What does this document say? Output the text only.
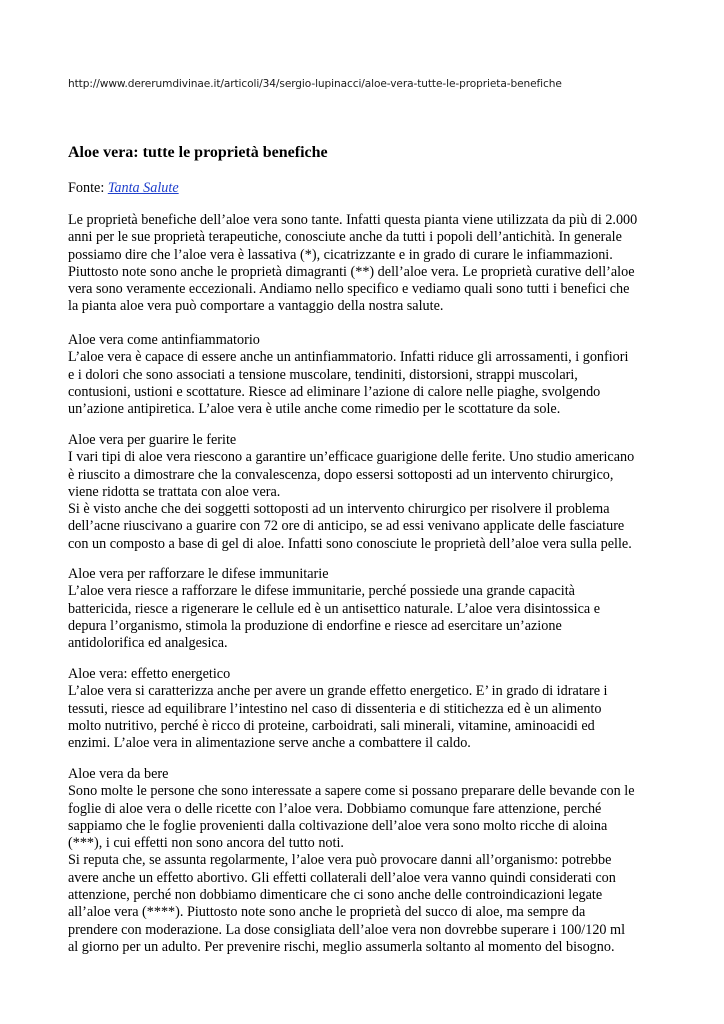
http://www.dererumdivinae.it/articoli/34/sergio-lupinacci/aloe-vera-tutte-le-proprieta-benefiche
Aloe vera: tutte le proprietà benefiche
Fonte: Tanta Salute
Le proprietà benefiche dell’aloe vera sono tante. Infatti questa pianta viene utilizzata da più di 2.000
anni per le sue proprietà terapeutiche, conosciute anche da tutti i popoli dell’antichità. In generale
possiamo dire che l’aloe vera è lassativa (*), cicatrizzante e in grado di curare le infiammazioni.
Piuttosto note sono anche le proprietà dimagranti (**) dell’aloe vera. Le proprietà curative dell’aloe
vera sono veramente eccezionali. Andiamo nello specifico e vediamo quali sono tutti i benefici che
la pianta aloe vera può comportare a vantaggio della nostra salute.
Aloe vera come antinfiammatorio
L’aloe vera è capace di essere anche un antinfiammatorio. Infatti riduce gli arrossamenti, i gonfiori
e i dolori che sono associati a tensione muscolare, tendiniti, distorsioni, strappi muscolari,
contusioni, ustioni e scottature. Riesce ad eliminare l’azione di calore nelle piaghe, svolgendo
un’azione antipiretica. L’aloe vera è utile anche come rimedio per le scottature da sole.
Aloe vera per guarire le ferite
I vari tipi di aloe vera riescono a garantire un’efficace guarigione delle ferite. Uno studio americano
è riuscito a dimostrare che la convalescenza, dopo essersi sottoposti ad un intervento chirurgico,
viene ridotta se trattata con aloe vera.
Si è visto anche che dei soggetti sottoposti ad un intervento chirurgico per risolvere il problema
dell’acne riuscivano a guarire con 72 ore di anticipo, se ad essi venivano applicate delle fasciature
con un composto a base di gel di aloe. Infatti sono conosciute le proprietà dell’aloe vera sulla pelle.
Aloe vera per rafforzare le difese immunitarie
L’aloe vera riesce a rafforzare le difese immunitarie, perché possiede una grande capacità
battericida, riesce a rigenerare le cellule ed è un antisettico naturale. L’aloe vera disintossica e
depura l’organismo, stimola la produzione di endorfine e riesce ad esercitare un’azione
antidolorifica ed analgesica.
Aloe vera: effetto energetico
L’aloe vera si caratterizza anche per avere un grande effetto energetico. E’ in grado di idratare i
tessuti, riesce ad equilibrare l’intestino nel caso di dissenteria e di stitichezza ed è un alimento
molto nutritivo, perché è ricco di proteine, carboidrati, sali minerali, vitamine, aminoacidi ed
enzimi. L’aloe vera in alimentazione serve anche a combattere il caldo.
Aloe vera da bere
Sono molte le persone che sono interessate a sapere come si possano preparare delle bevande con le
foglie di aloe vera o delle ricette con l’aloe vera. Dobbiamo comunque fare attenzione, perché
sappiamo che le foglie provenienti dalla coltivazione dell’aloe vera sono molto ricche di aloina
(***), i cui effetti non sono ancora del tutto noti.
Si reputa che, se assunta regolarmente, l’aloe vera può provocare danni all’organismo: potrebbe
avere anche un effetto abortivo. Gli effetti collaterali dell’aloe vera vanno quindi considerati con
attenzione, perché non dobbiamo dimenticare che ci sono anche delle controindicazioni legate
all’aloe vera (****). Piuttosto note sono anche le proprietà del succo di aloe, ma sempre da
prendere con moderazione. La dose consigliata dell’aloe vera non dovrebbe superare i 100/120 ml
al giorno per un adulto. Per prevenire rischi, meglio assumerla soltanto al momento del bisogno.
